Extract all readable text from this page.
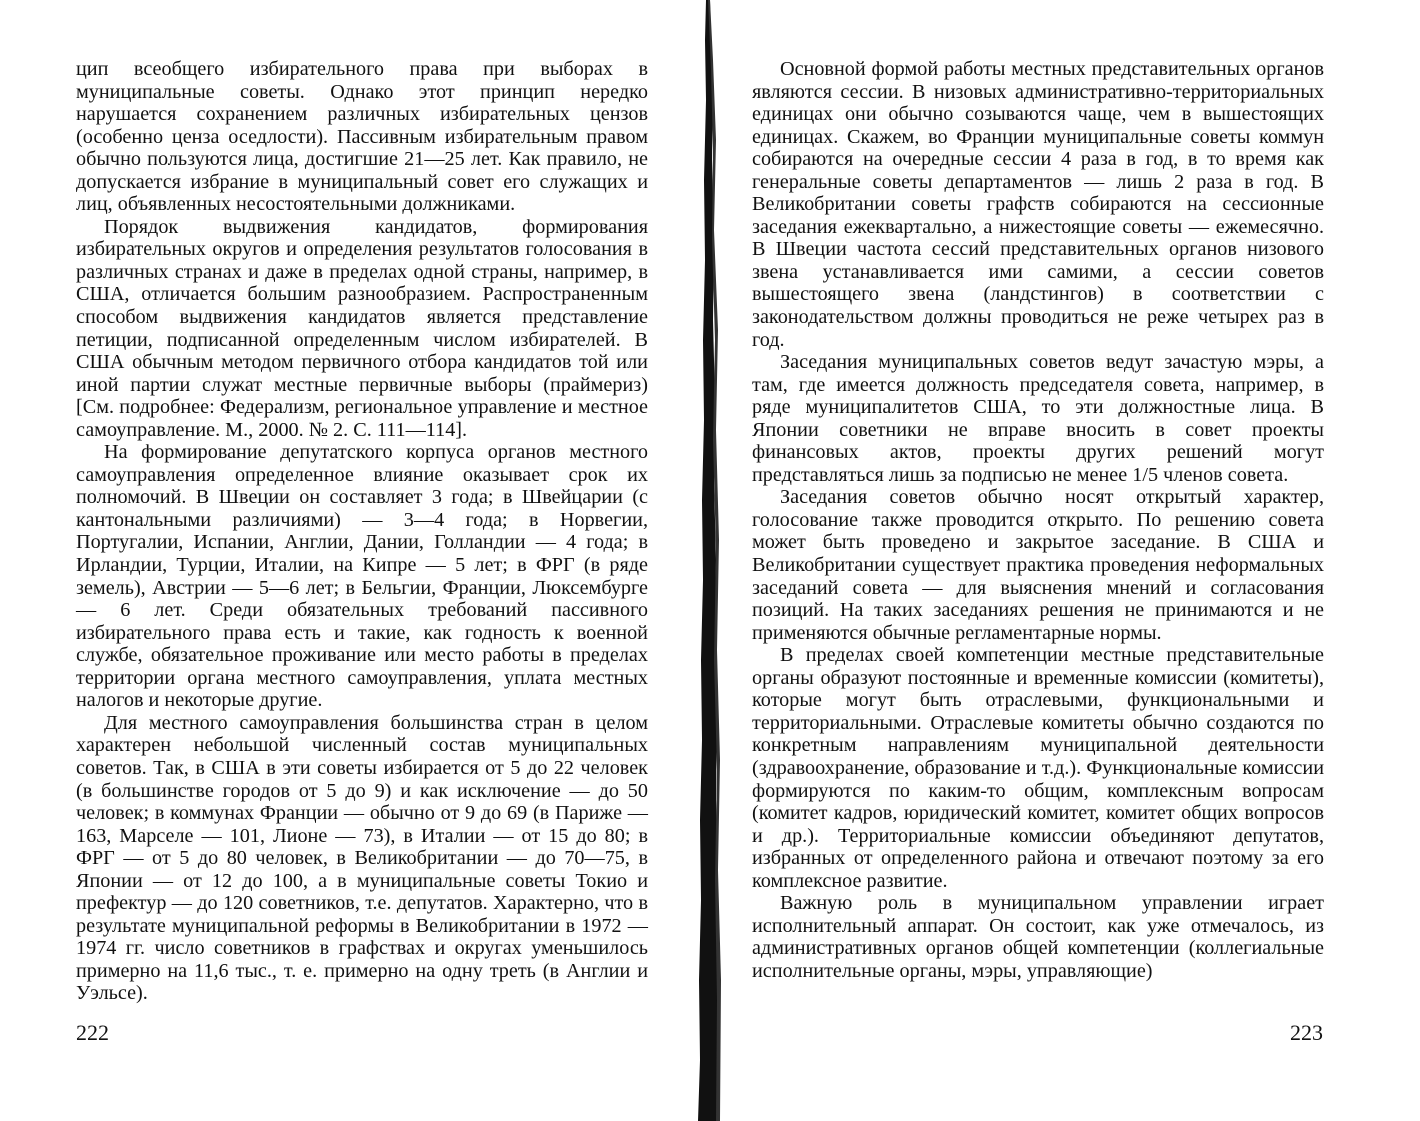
цип всеобщего избирательного права при выборах в муниципальные советы. Однако этот принцип нередко нарушается сохранением различных избирательных цензов (особенно ценза оседлости). Пассивным избирательным правом обычно пользуются лица, достигшие 21—25 лет. Как правило, не допускается избрание в муниципальный совет его служащих и лиц, объявленных несостоятельными должниками.

Порядок выдвижения кандидатов, формирования избирательных округов и определения результатов голосования в различных странах и даже в пределах одной страны, например, в США, отличается большим разнообразием. Распространенным способом выдвижения кандидатов является представление петиции, подписанной определенным числом избирателей. В США обычным методом первичного отбора кандидатов той или иной партии служат местные первичные выборы (праймериз) [См. подробнее: Федерализм, региональное управление и местное самоуправление. М., 2000. № 2. С. 111—114].

На формирование депутатского корпуса органов местного самоуправления определенное влияние оказывает срок их полномочий. В Швеции он составляет 3 года; в Швейцарии (с кантональными различиями) — 3—4 года; в Норвегии, Португалии, Испании, Англии, Дании, Голландии — 4 года; в Ирландии, Турции, Италии, на Кипре — 5 лет; в ФРГ (в ряде земель), Австрии — 5—6 лет; в Бельгии, Франции, Люксембурге — 6 лет. Среди обязательных требований пассивного избирательного права есть и такие, как годность к военной службе, обязательное проживание или место работы в пределах территории органа местного самоуправления, уплата местных налогов и некоторые другие.

Для местного самоуправления большинства стран в целом характерен небольшой численный состав муниципальных советов. Так, в США в эти советы избирается от 5 до 22 человек (в большинстве городов от 5 до 9) и как исключение — до 50 человек; в коммунах Франции — обычно от 9 до 69 (в Париже — 163, Марселе — 101, Лионе — 73), в Италии — от 15 до 80; в ФРГ — от 5 до 80 человек, в Великобритании — до 70—75, в Японии — от 12 до 100, а в муниципальные советы Токио и префектур — до 120 советников, т.е. депутатов. Характерно, что в результате муниципальной реформы в Великобритании в 1972 — 1974 гг. число советников в графствах и округах уменьшилось примерно на 11,6 тыс., т. е. примерно на одну треть (в Англии и Уэльсе).

222

Основной формой работы местных представительных органов являются сессии. В низовых административно-территориальных единицах они обычно созываются чаще, чем в вышестоящих единицах. Скажем, во Франции муниципальные советы коммун собираются на очередные сессии 4 раза в год, в то время как генеральные советы департаментов — лишь 2 раза в год. В Великобритании советы графств собираются на сессионные заседания ежеквартально, а нижестоящие советы — ежемесячно. В Швеции частота сессий представительных органов низового звена устанавливается ими самими, а сессии советов вышестоящего звена (ландстингов) в соответствии с законодательством должны проводиться не реже четырех раз в год.

Заседания муниципальных советов ведут зачастую мэры, а там, где имеется должность председателя совета, например, в ряде муниципалитетов США, то эти должностные лица. В Японии советники не вправе вносить в совет проекты финансовых актов, проекты других решений могут представляться лишь за подписью не менее 1/5 членов совета.

Заседания советов обычно носят открытый характер, голосование также проводится открыто. По решению совета может быть проведено и закрытое заседание. В США и Великобритании существует практика проведения неформальных заседаний совета — для выяснения мнений и согласования позиций. На таких заседаниях решения не принимаются и не применяются обычные регламентарные нормы.

В пределах своей компетенции местные представительные органы образуют постоянные и временные комиссии (комитеты), которые могут быть отраслевыми, функциональными и территориальными. Отраслевые комитеты обычно создаются по конкретным направлениям муниципальной деятельности (здравоохранение, образование и т.д.). Функциональные комиссии формируются по каким-то общим, комплексным вопросам (комитет кадров, юридический комитет, комитет общих вопросов и др.). Территориальные комиссии объединяют депутатов, избранных от определенного района и отвечают поэтому за его комплексное развитие.

Важную роль в муниципальном управлении играет исполнительный аппарат. Он состоит, как уже отмечалось, из административных органов общей компетенции (коллегиальные исполнительные органы, мэры, управляющие)

223
